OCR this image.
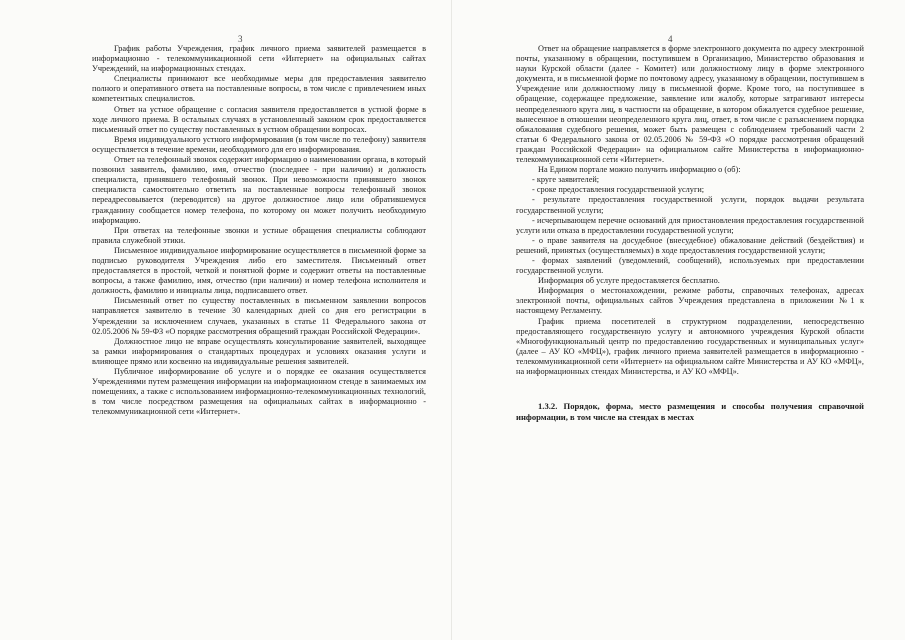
3

График работы Учреждения, график личного приема заявителей размещается в информационно - телекоммуникационной сети «Интернет» на официальных сайтах Учреждений, на информационных стендах.

Специалисты принимают все необходимые меры для предоставления заявителю полного и оперативного ответа на поставленные вопросы, в том числе с привлечением иных компетентных специалистов.

Ответ на устное обращение с согласия заявителя предоставляется в устной форме в ходе личного приема. В остальных случаях в установленный законом срок предоставляется письменный ответ по существу поставленных в устном обращении вопросах.

Время индивидуального устного информирования (в том числе по телефону) заявителя осуществляется в течение времени, необходимого для его информирования.

Ответ на телефонный звонок содержит информацию о наименовании органа, в который позвонил заявитель, фамилию, имя, отчество (последнее - при наличии) и должность специалиста, принявшего телефонный звонок. При невозможности принявшего звонок специалиста самостоятельно ответить на поставленные вопросы телефонный звонок переадресовывается (переводится) на другое должностное лицо или обратившемуся гражданину сообщается номер телефона, по которому он может получить необходимую информацию.

При ответах на телефонные звонки и устные обращения специалисты соблюдают правила служебной этики.

Письменное индивидуальное информирование осуществляется в письменной форме за подписью руководителя Учреждения либо его заместителя. Письменный ответ предоставляется в простой, четкой и понятной форме и содержит ответы на поставленные вопросы, а также фамилию, имя, отчество (при наличии) и номер телефона исполнителя и должность, фамилию и инициалы лица, подписавшего ответ.

Письменный ответ по существу поставленных в письменном заявлении вопросов направляется заявителю в течение 30 календарных дней со дня его регистрации в Учреждении за исключением случаев, указанных в статье 11 Федерального закона от 02.05.2006 № 59-ФЗ «О порядке рассмотрения обращений граждан Российской Федерации».

Должностное лицо не вправе осуществлять консультирование заявителей, выходящее за рамки информирования о стандартных процедурах и условиях оказания услуги и влияющее прямо или косвенно на индивидуальные решения заявителей.

Публичное информирование об услуге и о порядке ее оказания осуществляется Учреждениями путем размещения информации на информационном стенде в занимаемых им помещениях, а также с использованием информационно-телекоммуникационных технологий, в том числе посредством размещения на официальных сайтах в информационно - телекоммуникационной сети «Интернет».

4

Ответ на обращение направляется в форме электронного документа по адресу электронной почты, указанному в обращении, поступившем в Организацию, Министерство образования и науки Курской области (далее - Комитет) или должностному лицу в форме электронного документа, и в письменной форме по почтовому адресу, указанному в обращении, поступившем в Учреждение или должностному лицу в письменной форме. Кроме того, на поступившее в обращение, содержащее предложение, заявление или жалобу, которые затрагивают интересы неопределенного круга лиц, в частности на обращение, в котором обжалуется судебное решение, вынесенное в отношении неопределенного круга лиц, ответ, в том числе с разъяснением порядка обжалования судебного решения, может быть размещен с соблюдением требований части 2 статьи 6 Федерального закона от 02.05.2006 № 59-ФЗ «О порядке рассмотрения обращений граждан Российской Федерации» на официальном сайте Министерства в информационно-телекоммуникационной сети «Интернет».

На Едином портале можно получить информацию о (об):

- круге заявителей;

- сроке предоставления государственной услуги;

- результате предоставления государственной услуги, порядок выдачи результата государственной услуги;

- исчерпывающем перечне оснований для приостановления предоставления государственной услуги или отказа в предоставлении государственной услуги;

- о праве заявителя на досудебное (внесудебное) обжалование действий (бездействия) и решений, принятых (осуществляемых) в ходе предоставления государственной услуги;

- формах заявлений (уведомлений, сообщений), используемых при предоставлении государственной услуги.

Информация об услуге предоставляется бесплатно.

Информация о местонахождении, режиме работы, справочных телефонах, адресах электронной почты, официальных сайтов Учреждения представлена в приложении №1 к настоящему Регламенту.

График приема посетителей в структурном подразделении, непосредственно предоставляющего государственную услугу и автономного учреждения Курской области «Многофункциональный центр по предоставлению государственных и муниципальных услуг» (далее – АУ КО «МФЦ»), график личного приема заявителей размещается в информационно - телекоммуникационной сети «Интернет» на официальном сайте Министерства и АУ КО «МФЦ», на информационных стендах Министерства, и АУ КО «МФЦ».

1.3.2. Порядок, форма, место размещения и способы получения справочной информации, в том числе на стендах в местах
